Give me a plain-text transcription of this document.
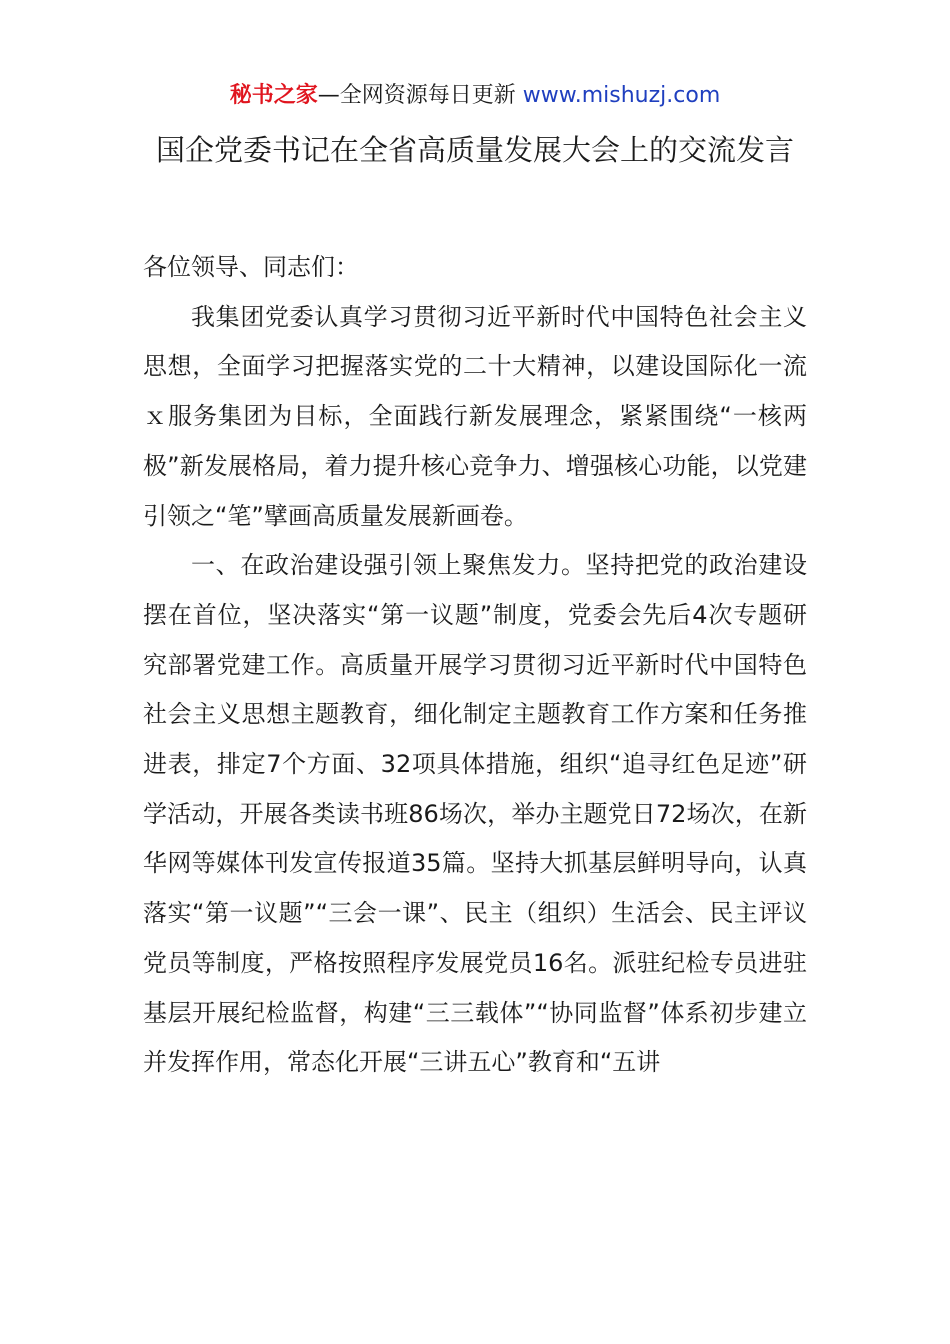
秘书之家—全网资源每日更新 www.mishuzj.com
国企党委书记在全省高质量发展大会上的交流发言

各位领导、同志们：

我集团党委认真学习贯彻习近平新时代中国特色社会主义思想，全面学习把握落实党的二十大精神，以建设国际化一流ｘ服务集团为目标，全面践行新发展理念，紧紧围绕“一核两极”新发展格局，着力提升核心竞争力、增强核心功能，以党建引领之“笔”擘画高质量发展新画卷。

一、在政治建设强引领上聚焦发力。坚持把党的政治建设摆在首位，坚决落实“第一议题”制度，党委会先后4次专题研究部署党建工作。高质量开展学习贯彻习近平新时代中国特色社会主义思想主题教育，细化制定主题教育工作方案和任务推进表，排定7个方面、32项具体措施，组织“追寻红色足迹”研学活动，开展各类读书班86场次，举办主题党日72场次，在新华网等媒体刊发宣传报道35篇。坚持大抓基层鲜明导向，认真落实“第一议题”“三会一课”、民主（组织）生活会、民主评议党员等制度，严格按照程序发展党员16名。派驻纪检专员进驻基层开展纪检监督，构建“三三载体”“协同监督”体系初步建立并发挥作用，常态化开展“三讲五心”教育和“五讲
